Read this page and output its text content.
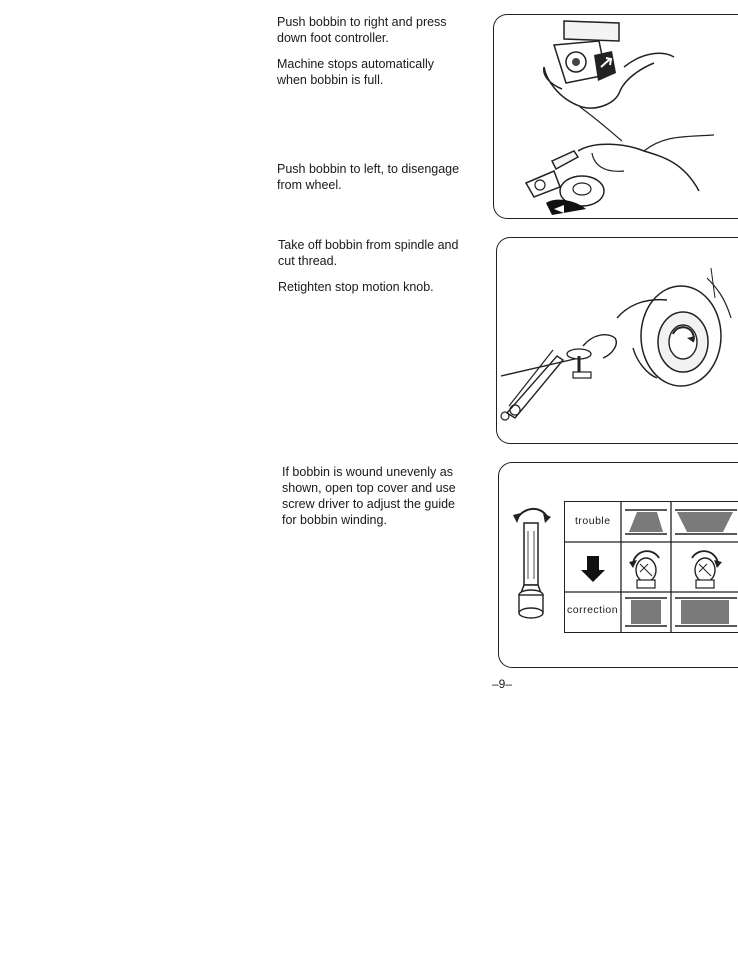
Push bobbin to right and press down foot controller.

Machine stops automatically when bobbin is full.

Push bobbin to left, to disengage from wheel.

Take off bobbin from spindle and cut thread.

Retighten stop motion knob.

If bobbin is wound unevenly as shown, open top cover and use screw driver to adjust the guide for bobbin winding.	trouble
correction
–9–
